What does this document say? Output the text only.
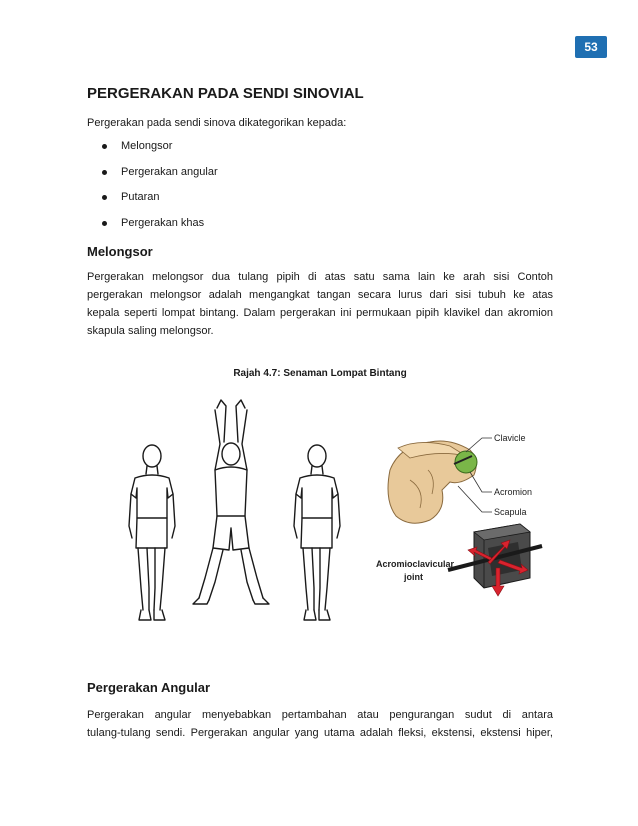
53
PERGERAKAN PADA SENDI SINOVIAL

Pergerakan pada sendi sinova dikategorikan kepada:

Melongsor
Pergerakan angular
Putaran
Pergerakan khas
Melongsor

Pergerakan melongsor dua tulang pipih di atas satu sama lain ke arah sisi Contoh

pergerakan melongsor adalah mengangkat tangan secara lurus dari sisi tubuh ke atas

kepala seperti lompat bintang. Dalam pergerakan ini permukaan pipih klavikel dan akromion

skapula saling melongsor.

Rajah 4.7: Senaman Lompat Bintang

Clavicle
Acromion
Scapula
Acromioclavicular
joint
Pergerakan Angular

Pergerakan angular menyebabkan pertambahan atau pengurangan sudut di antara

tulang-tulang sendi. Pergerakan angular yang utama adalah fleksi, ekstensi, ekstensi hiper,
